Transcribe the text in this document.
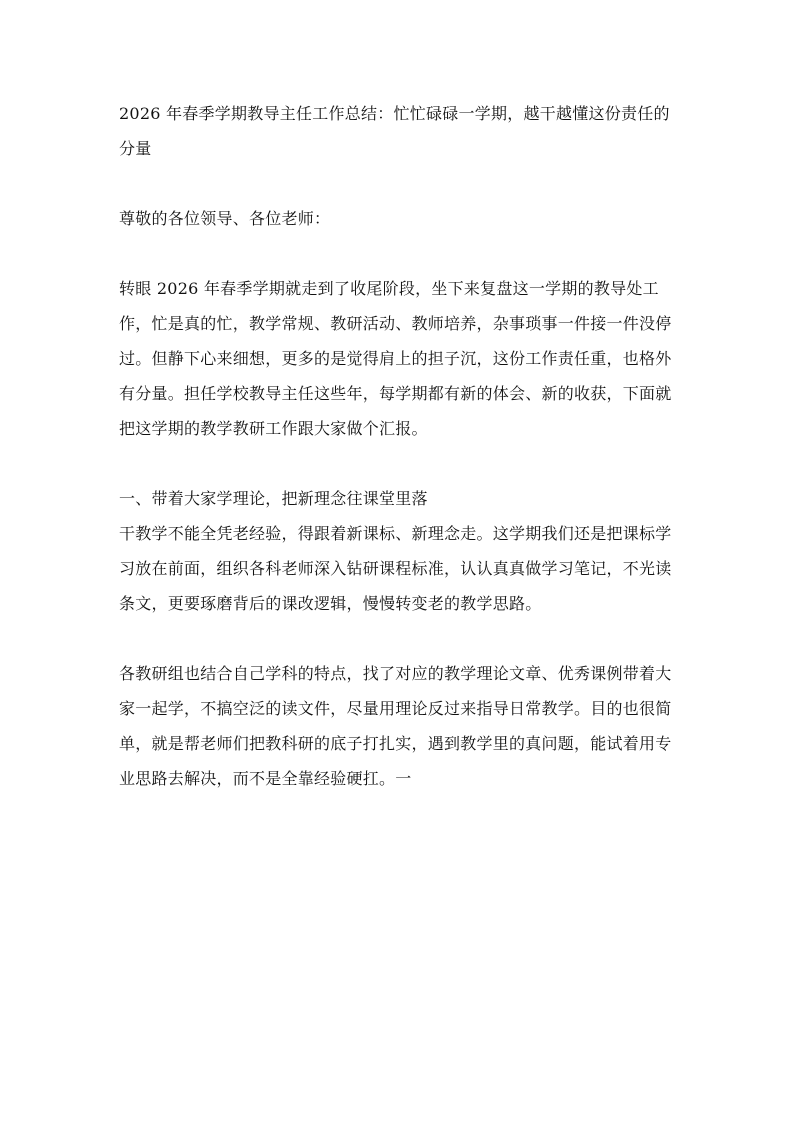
2026 年春季学期教导主任工作总结：忙忙碌碌一学期，越干越懂这份责任的分量

尊敬的各位领导、各位老师：

转眼 2026 年春季学期就走到了收尾阶段，坐下来复盘这一学期的教导处工作，忙是真的忙，教学常规、教研活动、教师培养，杂事琐事一件接一件没停过。但静下心来细想，更多的是觉得肩上的担子沉，这份工作责任重，也格外有分量。担任学校教导主任这些年，每学期都有新的体会、新的收获，下面就把这学期的教学教研工作跟大家做个汇报。

一、带着大家学理论，把新理念往课堂里落

干教学不能全凭老经验，得跟着新课标、新理念走。这学期我们还是把课标学习放在前面，组织各科老师深入钻研课程标准，认认真真做学习笔记，不光读条文，更要琢磨背后的课改逻辑，慢慢转变老的教学思路。

各教研组也结合自己学科的特点，找了对应的教学理论文章、优秀课例带着大家一起学，不搞空泛的读文件，尽量用理论反过来指导日常教学。目的也很简单，就是帮老师们把教科研的底子打扎实，遇到教学里的真问题，能试着用专业思路去解决，而不是全靠经验硬扛。一
